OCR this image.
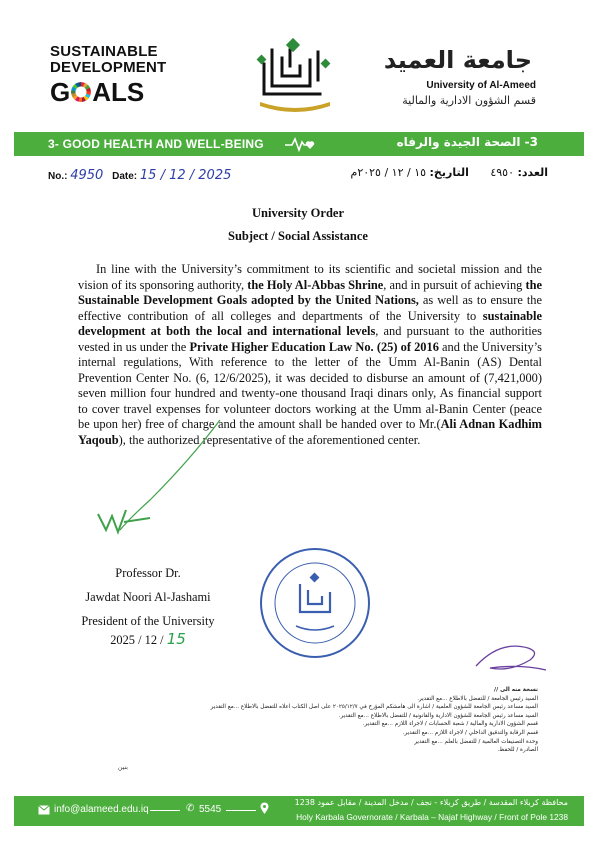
SUSTAINABLE
DEVELOPMENT
G ALS
جامعة العميد
University of Al-Ameed
قسم الشؤون الادارية والمالية
3- GOOD HEALTH AND WELL-BEING	3- الصحة الجيدة والرفاه
No.: 4950 Date: 15 / 12 / 2025	العدد: ٤٩٥٠ التاريخ: ١٥ / ١٢ / ٢٠٢٥م
University Order
Subject / Social Assistance
In line with the University’s commitment to its scientific and societal mission and the vision of its sponsoring authority, the Holy Al-Abbas Shrine, and in pursuit of achieving the Sustainable Development Goals adopted by the United Nations, as well as to ensure the effective contribution of all colleges and departments of the University to sustainable development at both the local and international levels, and pursuant to the authorities vested in us under the Private Higher Education Law No. (25) of 2016 and the University’s internal regulations, With reference to the letter of the Umm Al-Banin (AS) Dental Prevention Center No. (6, 12/6/2025), it was decided to disburse an amount of (7,421,000) seven million four hundred and twenty-one thousand Iraqi dinars only, As financial support to cover travel expenses for volunteer doctors working at the Umm al-Banin Center (peace be upon her) free of charge and the amount shall be handed over to Mr.(Ali Adnan Kadhim Yaqoub), the authorized representative of the aforementioned center.
Professor Dr.
Jawdat Noori Al-Jashami
President of the University
2025 / 12 / 15
نسخة منه الى //
السيد رئيس الجامعة / للتفضل بالاطلاع ...مع التقدير.
السيد مساعد رئيس الجامعة للشؤون العلمية / اشارة الى هامشكم المؤرخ في ٢٠٢٥/١٢/٧ على اصل الكتاب اعلاه للتفضل بالاطلاع ...مع التقدير
السيد مساعد رئيس الجامعة للشؤون الادارية والقانونية / للتفضل بالاطلاع ...مع التقدير.
قسم الشؤون الادارية والمالية / شعبة الحسابات / لاجراء اللازم ...مع التقدير.
قسم الرقابة والتدقيق الداخلي / لاجراء اللازم ...مع التقدير.
وحدة التصنيفات العالمية / للتفضل بالعلم ...مع التقدير
الصادرة / للحفظ.
بنين
info@alameed.edu.iq	✆ 5545
محافظة كربلاء المقدسة / طريق كربلاء - نجف / مدخل المدينة / مقابل عمود 1238
Holy Karbala Governorate / Karbala – Najaf Highway / Front of Pole 1238
